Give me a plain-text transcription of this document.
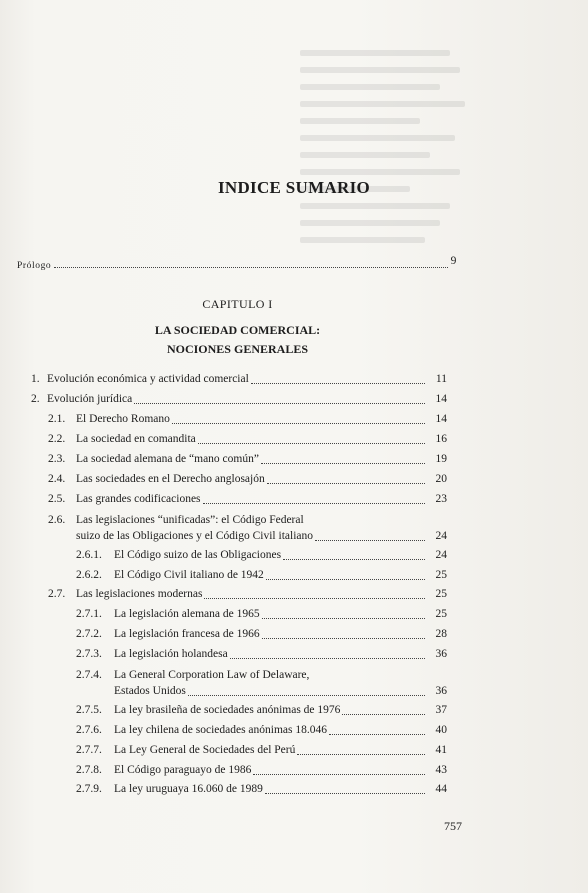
INDICE SUMARIO
Prólogo	9
CAPITULO I
LA SOCIEDAD COMERCIAL:
NOCIONES GENERALES
1. Evolución económica y actividad comercial	11
2. Evolución jurídica	14
2.1. El Derecho Romano	14
2.2. La sociedad en comandita	16
2.3. La sociedad alemana de “mano común”	19
2.4. Las sociedades en el Derecho anglosajón	20
2.5. Las grandes codificaciones	23
2.6. Las legislaciones “unificadas”: el Código Federal
suizo de las Obligaciones y el Código Civil italiano	24
2.6.1.	El Código suizo de las Obligaciones	24
2.6.2.	El Código Civil italiano de 1942	25
2.7. Las legislaciones modernas	25
2.7.1.	La legislación alemana de 1965	25
2.7.2.	La legislación francesa de 1966	28
2.7.3.	La legislación holandesa	36
2.7.4. La General Corporation Law of Delaware,
Estados Unidos	36
2.7.5.	La ley brasileña de sociedades anónimas de 1976	37
2.7.6.	La ley chilena de sociedades anónimas 18.046	40
2.7.7.	La Ley General de Sociedades del Perú	41
2.7.8.	El Código paraguayo de 1986	43
2.7.9.	La ley uruguaya 16.060 de 1989	44
757
